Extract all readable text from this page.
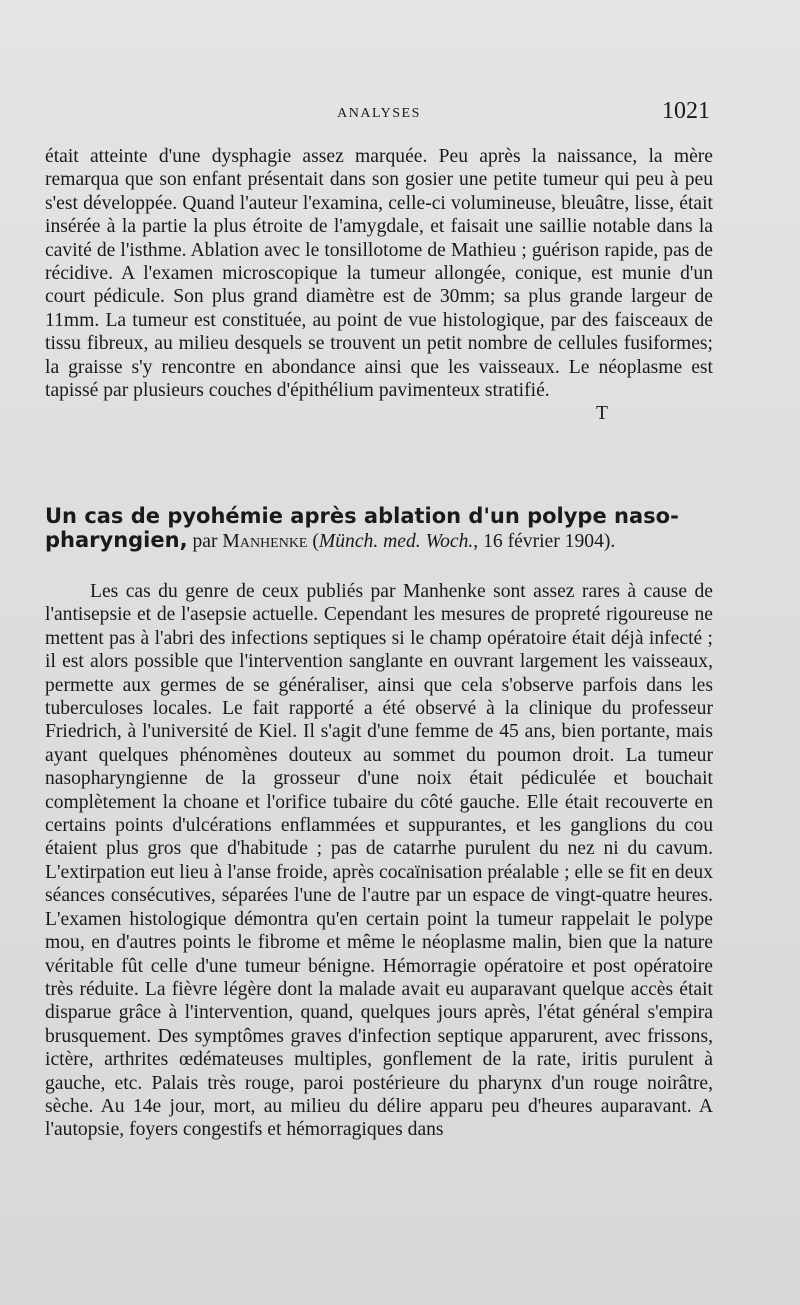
ANALYSES	1021

était atteinte d'une dysphagie assez marquée. Peu après la naissance, la mère remarqua que son enfant présentait dans son gosier une petite tumeur qui peu à peu s'est développée. Quand l'auteur l'examina, celle-ci volumineuse, bleuâtre, lisse, était insérée à la partie la plus étroite de l'amygdale, et faisait une saillie notable dans la cavité de l'isthme. Ablation avec le tonsillotome de Mathieu ; guérison rapide, pas de récidive. A l'examen microscopique la tumeur allongée, conique, est munie d'un court pédicule. Son plus grand diamètre est de 30mm; sa plus grande largeur de 11mm. La tumeur est constituée, au point de vue histologique, par des faisceaux de tissu fibreux, au milieu desquels se trouvent un petit nombre de cellules fusiformes; la graisse s'y rencontre en abondance ainsi que les vaisseaux. Le néoplasme est tapissé par plusieurs couches d'épithélium pavimenteux stratifié.

T
Un cas de pyohémie après ablation d'un polype naso-pharyngien, par Manhenke (Münch. med. Woch., 16 février 1904).

Les cas du genre de ceux publiés par Manhenke sont assez rares à cause de l'antisepsie et de l'asepsie actuelle. Cependant les mesures de propreté rigoureuse ne mettent pas à l'abri des infections septiques si le champ opératoire était déjà infecté ; il est alors possible que l'intervention sanglante en ouvrant largement les vaisseaux, permette aux germes de se généraliser, ainsi que cela s'observe parfois dans les tuberculoses locales. Le fait rapporté a été observé à la clinique du professeur Friedrich, à l'université de Kiel. Il s'agit d'une femme de 45 ans, bien portante, mais ayant quelques phénomènes douteux au sommet du poumon droit. La tumeur nasopharyngienne de la grosseur d'une noix était pédiculée et bouchait complètement la choane et l'orifice tubaire du côté gauche. Elle était recouverte en certains points d'ulcérations enflammées et suppurantes, et les ganglions du cou étaient plus gros que d'habitude ; pas de catarrhe purulent du nez ni du cavum. L'extirpation eut lieu à l'anse froide, après cocaïnisation préalable ; elle se fit en deux séances consécutives, séparées l'une de l'autre par un espace de vingt-quatre heures. L'examen histologique démontra qu'en certain point la tumeur rappelait le polype mou, en d'autres points le fibrome et même le néoplasme malin, bien que la nature véritable fût celle d'une tumeur bénigne. Hémorragie opératoire et post opératoire très réduite. La fièvre légère dont la malade avait eu auparavant quelque accès était disparue grâce à l'intervention, quand, quelques jours après, l'état général s'empira brusquement. Des symptômes graves d'infection septique apparurent, avec frissons, ictère, arthrites œdémateuses multiples, gonflement de la rate, iritis purulent à gauche, etc. Palais très rouge, paroi postérieure du pharynx d'un rouge noirâtre, sèche. Au 14e jour, mort, au milieu du délire apparu peu d'heures auparavant. A l'autopsie, foyers congestifs et hémorragiques dans
